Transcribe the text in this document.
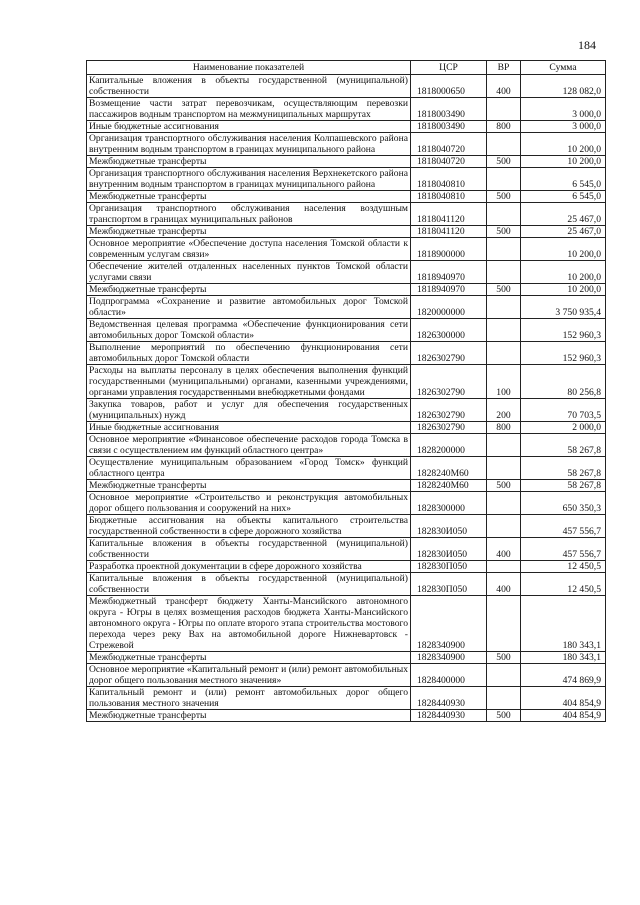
184
Наименование показателей	ЦСР	ВР	Сумма
Капитальные вложения в объекты государственной (муниципальной) собственности	1818000650	400	128 082,0
Возмещение части затрат перевозчикам, осуществляющим перевозки пассажиров водным транспортом на межмуниципальных маршрутах	1818003490		3 000,0
Иные бюджетные ассигнования	1818003490	800	3 000,0
Организация транспортного обслуживания населения Колпашевского района внутренним водным транспортом в границах муниципального района	1818040720		10 200,0
Межбюджетные трансферты	1818040720	500	10 200,0
Организация транспортного обслуживания населения Верхнекетского района внутренним водным транспортом в границах муниципального района	1818040810		6 545,0
Межбюджетные трансферты	1818040810	500	6 545,0
Организация транспортного обслуживания населения воздушным транспортом в границах муниципальных районов	1818041120		25 467,0
Межбюджетные трансферты	1818041120	500	25 467,0
Основное мероприятие «Обеспечение доступа населения Томской области к современным услугам связи»	1818900000		10 200,0
Обеспечение жителей отдаленных населенных пунктов Томской области услугами связи	1818940970		10 200,0
Межбюджетные трансферты	1818940970	500	10 200,0
Подпрограмма «Сохранение и развитие автомобильных дорог Томской области»	1820000000		3 750 935,4
Ведомственная целевая программа «Обеспечение функционирования сети автомобильных дорог Томской области»	1826300000		152 960,3
Выполнение мероприятий по обеспечению функционирования сети автомобильных дорог Томской области	1826302790		152 960,3
Расходы на выплаты персоналу в целях обеспечения выполнения функций государственными (муниципальными) органами, казенными учреждениями, органами управления государственными внебюджетными фондами	1826302790	100	80 256,8
Закупка товаров, работ и услуг для обеспечения государственных (муниципальных) нужд	1826302790	200	70 703,5
Иные бюджетные ассигнования	1826302790	800	2 000,0
Основное мероприятие «Финансовое обеспечение расходов города Томска в связи с осуществлением им функций областного центра»	1828200000		58 267,8
Осуществление муниципальным образованием «Город Томск» функций областного центра	1828240М60		58 267,8
Межбюджетные трансферты	1828240М60	500	58 267,8
Основное мероприятие «Строительство и реконструкция автомобильных дорог общего пользования и сооружений на них»	1828300000		650 350,3
Бюджетные ассигнования на объекты капитального строительства государственной собственности в сфере дорожного хозяйства	182830И050		457 556,7
Капитальные вложения в объекты государственной (муниципальной) собственности	182830И050	400	457 556,7
Разработка проектной документации в сфере дорожного хозяйства	182830П050		12 450,5
Капитальные вложения в объекты государственной (муниципальной) собственности	182830П050	400	12 450,5
Межбюджетный трансферт бюджету Ханты-Мансийского автономного округа - Югры в целях возмещения расходов бюджета Ханты-Мансийского автономного округа - Югры по оплате второго этапа строительства мостового перехода через реку Вах на автомобильной дороге Нижневартовск - Стрежевой	1828340900		180 343,1
Межбюджетные трансферты	1828340900	500	180 343,1
Основное мероприятие «Капитальный ремонт и (или) ремонт автомобильных дорог общего пользования местного значения»	1828400000		474 869,9
Капитальный ремонт и (или) ремонт автомобильных дорог общего пользования местного значения	1828440930		404 854,9
Межбюджетные трансферты	1828440930	500	404 854,9
